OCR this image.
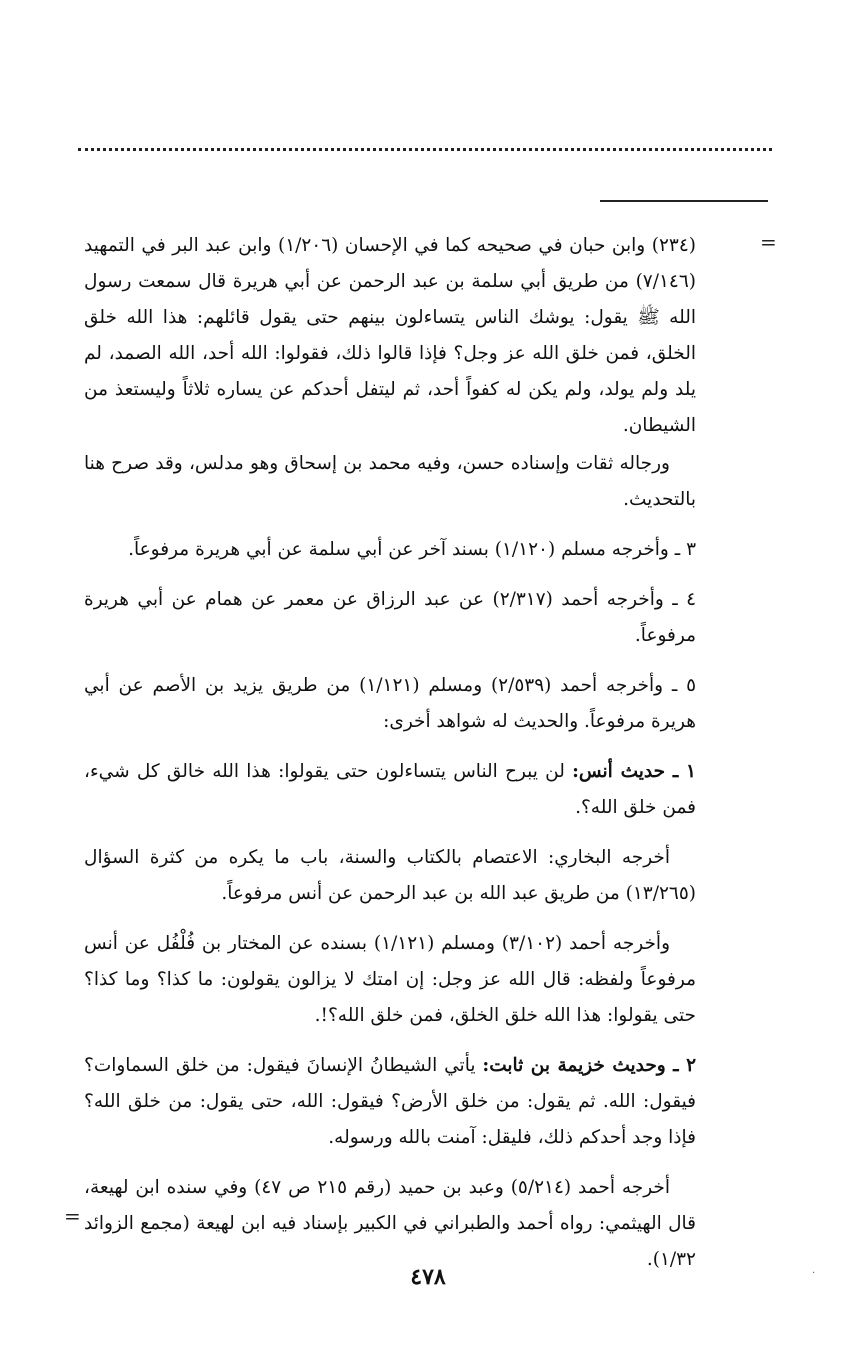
=

(٢٣٤) وابن حبان في صحيحه كما في الإحسان (١/٢٠٦) وابن عبد البر في التمهيد (٧/١٤٦) من طريق أبي سلمة بن عبد الرحمن عن أبي هريرة قال سمعت رسول الله ﷺ يقول: يوشك الناس يتساءلون بينهم حتى يقول قائلهم: هذا الله خلق الخلق، فمن خلق الله عز وجل؟ فإذا قالوا ذلك، فقولوا: الله أحد، الله الصمد، لم يلد ولم يولد، ولم يكن له كفواً أحد، ثم ليتفل أحدكم عن يساره ثلاثاً وليستعذ من الشيطان.

ورجاله ثقات وإسناده حسن، وفيه محمد بن إسحاق وهو مدلس، وقد صرح هنا بالتحديث.

٣ ـ وأخرجه مسلم (١/١٢٠) بسند آخر عن أبي سلمة عن أبي هريرة مرفوعاً.

٤ ـ وأخرجه أحمد (٢/٣١٧) عن عبد الرزاق عن معمر عن همام عن أبي هريرة مرفوعاً.

٥ ـ وأخرجه أحمد (٢/٥٣٩) ومسلم (١/١٢١) من طريق يزيد بن الأصم عن أبي هريرة مرفوعاً. والحديث له شواهد أخرى:

١ ـ حديث أنس: لن يبرح الناس يتساءلون حتى يقولوا: هذا الله خالق كل شيء، فمن خلق الله؟.

أخرجه البخاري: الاعتصام بالكتاب والسنة، باب ما يكره من كثرة السؤال (١٣/٢٦٥) من طريق عبد الله بن عبد الرحمن عن أنس مرفوعاً.

وأخرجه أحمد (٣/١٠٢) ومسلم (١/١٢١) بسنده عن المختار بن فُلْفُل عن أنس مرفوعاً ولفظه: قال الله عز وجل: إن امتك لا يزالون يقولون: ما كذا؟ وما كذا؟ حتى يقولوا: هذا الله خلق الخلق، فمن خلق الله؟!.

٢ ـ وحديث خزيمة بن ثابت: يأتي الشيطانُ الإنسانَ فيقول: من خلق السماوات؟ فيقول: الله. ثم يقول: من خلق الأرض؟ فيقول: الله، حتى يقول: من خلق الله؟ فإذا وجد أحدكم ذلك، فليقل: آمنت بالله ورسوله.

أخرجه أحمد (٥/٢١٤) وعبد بن حميد (رقم ٢١٥ ص ٤٧) وفي سنده ابن لهيعة، قال الهيثمي: رواه أحمد والطبراني في الكبير بإسناد فيه ابن لهيعة (مجمع الزوائد ١/٣٢).

=
٤٧٨	·
